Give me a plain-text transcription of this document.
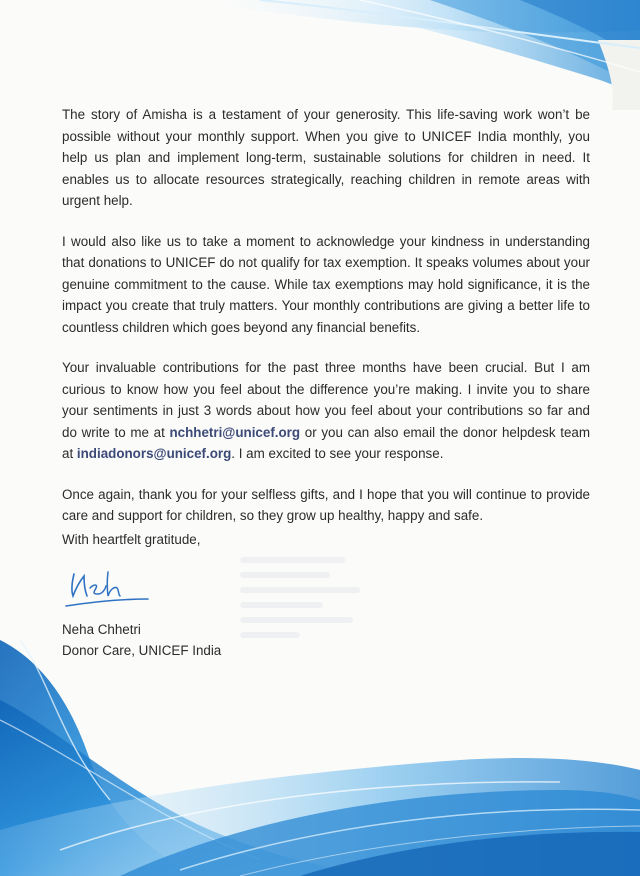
The story of Amisha is a testament of your generosity. This life-saving work won’t be possible without your monthly support. When you give to UNICEF India monthly, you help us plan and implement long-term, sustainable solutions for children in need. It enables us to allocate resources strategically, reaching children in remote areas with urgent help.

I would also like us to take a moment to acknowledge your kindness in understanding that donations to UNICEF do not qualify for tax exemption. It speaks volumes about your genuine commitment to the cause. While tax exemptions may hold significance, it is the impact you create that truly matters. Your monthly contributions are giving a better life to countless children which goes beyond any financial benefits.

Your invaluable contributions for the past three months have been crucial. But I am curious to know how you feel about the difference you’re making. I invite you to share your sentiments in just 3 words about how you feel about your contributions so far and do write to me at nchhetri@unicef.org or you can also email the donor helpdesk team at indiadonors@unicef.org. I am excited to see your response.

Once again, thank you for your selfless gifts, and I hope that you will continue to provide care and support for children, so they grow up healthy, happy and safe.

With heartfelt gratitude,
Neha Chhetri
Donor Care, UNICEF India
